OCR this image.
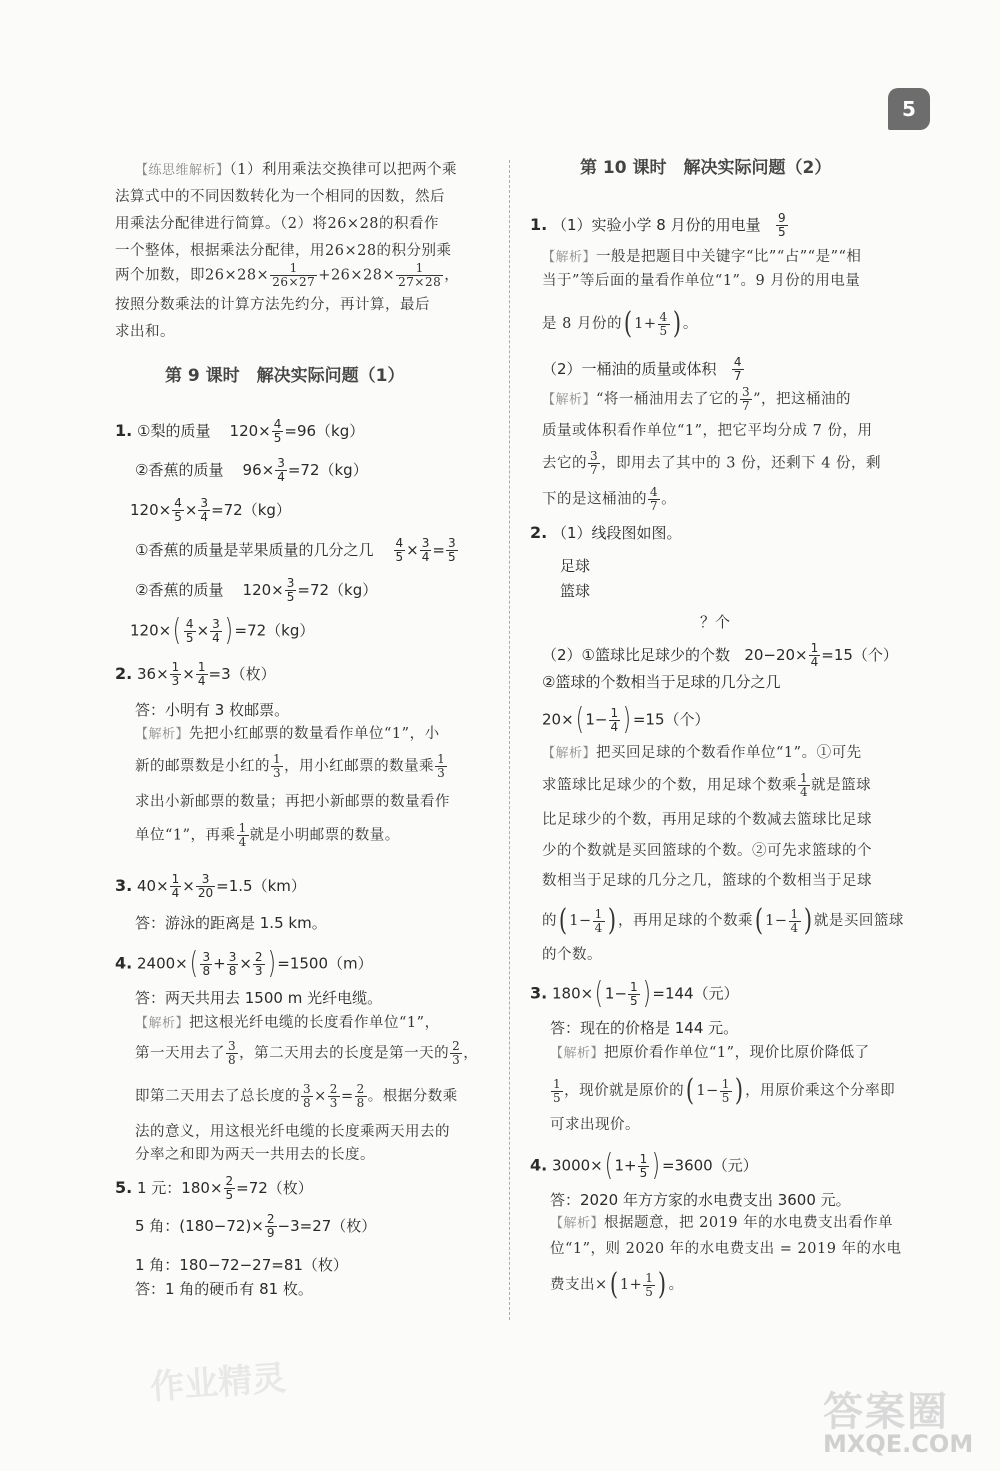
5
【练思维解析】（1）利用乘法交换律可以把两个乘
法算式中的不同因数转化为一个相同的因数，然后
用乘法分配律进行简算。（2）将26×28的积看作
一个整体，根据乘法分配律，用26×28的积分别乘
两个加数，即$26\times 28\times \frac{1}{26\times 27} +26\times 28\times \frac{1}{27\times 28}$ ，
按照分数乘法的计算方法先约分，再计算，最后
求出和。
第 9 课时　解决实际问题（1）
1. ①梨的质量 $120\times \frac{4}{5} =96(kg)$
②香蕉的质量 $96\times \frac{3}{4} =72(kg)$
$120\times \frac{4}{5} \times \frac{3}{4} =72(kg)$
①香蕉的质量是苹果质量的几分之几 $\frac{4}{5} \times \frac{3}{4} = \frac{3}{5}$
②香蕉的质量 $120\times \frac{3}{5} =72(kg)$
$120\times( \frac{4}{5} \times \frac{3}{4}$ ) =72（kg）
2. $36\times \frac{1}{3} \times \frac{1}{4} =3$（枚）
答：小明有 3 枚邮票。
【解析】先把小红邮票的数量看作单位“1”，小
新的邮票数是小红的 $\frac{1}{3}$ ，用小红邮票的数量乘 $\frac{1}{3}$
求出小新邮票的数量；再把小新邮票的数量看作
单位“1”，再乘 $\frac{1}{4}$ 就是小明邮票的数量。
3. $40\times \frac{1}{4} \times \frac{3}{20} =1.5(km)$
答：游泳的距离是 1.5 km。
4. $2400\times( \frac{3}{8} + \frac{3}{8} \times \frac{2}{3}$ ) =1500（m）
答：两天共用去 1500 m 光纤电缆。
【解析】把这根光纤电缆的长度看作单位“1”，
第一天用去了 $\frac{3}{8}$ ，第二天用去的长度是第一天的 $\frac{2}{3}$ ，
即第二天用去了总长度的 $\frac{3}{8} \times \frac{2}{3} = \frac{2}{8}$ 。根据分数乘
法的意义，用这根光纤电缆的长度乘两天用去的
分率之和即为两天一共用去的长度。
5. 1 元：$180\times \frac{2}{5} =72$（枚）
5 角：$(180-72)\times \frac{2}{9} -3=27$（枚）
1 角：180−72−27=81（枚）
答：1 角的硬币有 81 枚。
第 10 课时　解决实际问题（2）
1. （1）实验小学 8 月份的用电量 $\frac{9}{5}$
【解析】一般是把题目中关键字“比”“占”“是”“相
当于”等后面的量看作单位“1”。9 月份的用电量
是 8 月份的( $1+ \frac{4}{5}$ ) 。
（2）一桶油的质量或体积 $\frac{4}{7}$
【解析】“将一桶油用去了它的 $\frac{3}{7}$ ”，把这桶油的
质量或体积看作单位“1”，把它平均分成 7 份，用
去它的 $\frac{3}{7}$ ，即用去了其中的 3 份，还剩下 4 份，剩
下的是这桶油的 $\frac{4}{7}$ 。
2. （1）线段图如图。
足球
篮球
？个
（2）①篮球比足球少的个数 $20-20\times \frac{1}{4} =15$（个）
②篮球的个数相当于足球的几分之几
20×( $1- \frac{1}{4}$ ) =15（个）
【解析】把买回足球的个数看作单位“1”。①可先
求篮球比足球少的个数，用足球个数乘 $\frac{1}{4}$ 就是篮球
比足球少的个数，再用足球的个数减去篮球比足球
少的个数就是买回篮球的个数。②可先求篮球的个
数相当于足球的几分之几，篮球的个数相当于足球
的( $1- \frac{1}{4}$ ) ，再用足球的个数乘( $1- \frac{1}{4}$ ) 就是买回篮球
的个数。
3. 180×( $1- \frac{1}{5}$ ) =144（元）
答：现在的价格是 144 元。
【解析】把原价看作单位“1”，现价比原价降低了
$\frac{1}{5}$ ，现价就是原价的( $1- \frac{1}{5}$ ) ，用原价乘这个分率即
可求出现价。
4. 3000×( $1+ \frac{1}{5}$ ) =3600（元）
答：2020 年方方家的水电费支出 3600 元。
【解析】根据题意，把 2019 年的水电费支出看作单
位“1”，则 2020 年的水电费支出 = 2019 年的水电
费支出×( $1+ \frac{1}{5}$ ) 。
作业精灵
答案圈
MXQE.COM
